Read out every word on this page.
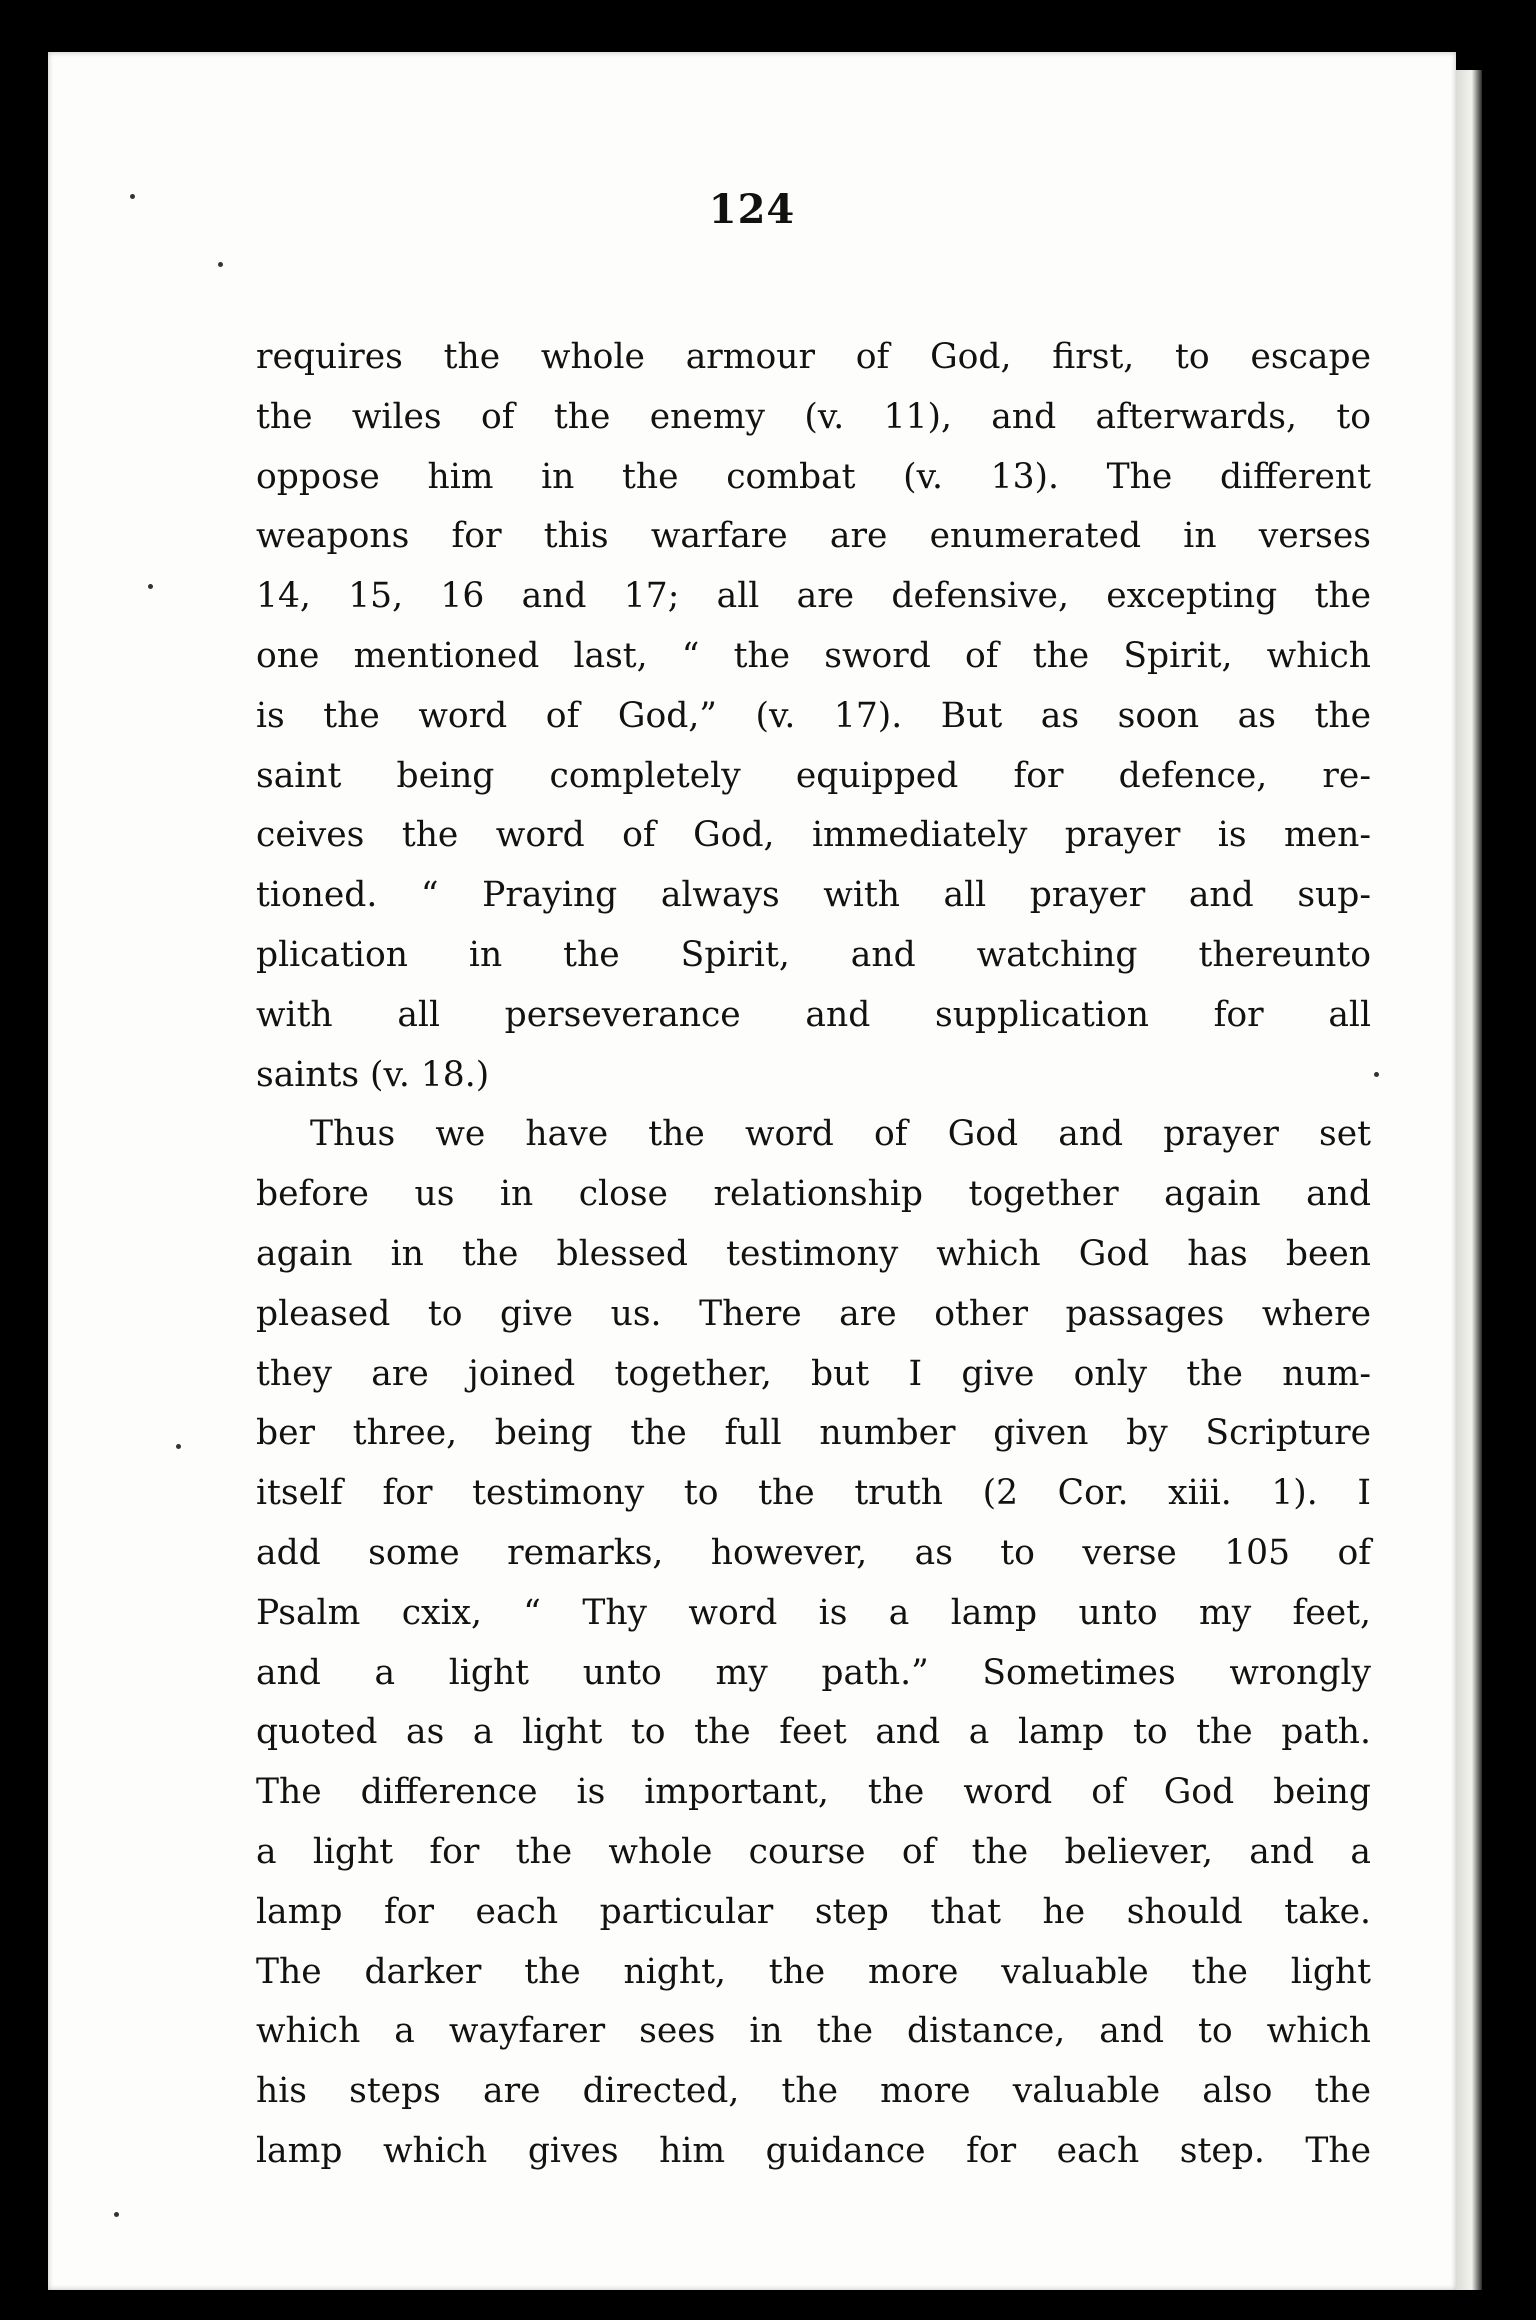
124
requires the whole armour of God, first, to escape
the wiles of the enemy (v. 11), and afterwards, to
oppose him in the combat (v. 13). The different
weapons for this warfare are enumerated in verses
14, 15, 16 and 17; all are defensive, excepting the
one mentioned last, “ the sword of the Spirit, which
is the word of God,” (v. 17). But as soon as the
saint being completely equipped for defence, re-
ceives the word of God, immediately prayer is men-
tioned. “ Praying always with all prayer and sup-
plication in the Spirit, and watching thereunto
with all perseverance and supplication for all
saints (v. 18.)
Thus we have the word of God and prayer set
before us in close relationship together again and
again in the blessed testimony which God has been
pleased to give us. There are other passages where
they are joined together, but I give only the num-
ber three, being the full number given by Scripture
itself for testimony to the truth (2 Cor. xiii. 1). I
add some remarks, however, as to verse 105 of
Psalm cxix, “ Thy word is a lamp unto my feet,
and a light unto my path.” Sometimes wrongly
quoted as a light to the feet and a lamp to the path.
The difference is important, the word of God being
a light for the whole course of the believer, and a
lamp for each particular step that he should take.
The darker the night, the more valuable the light
which a wayfarer sees in the distance, and to which
his steps are directed, the more valuable also the
lamp which gives him guidance for each step. The
